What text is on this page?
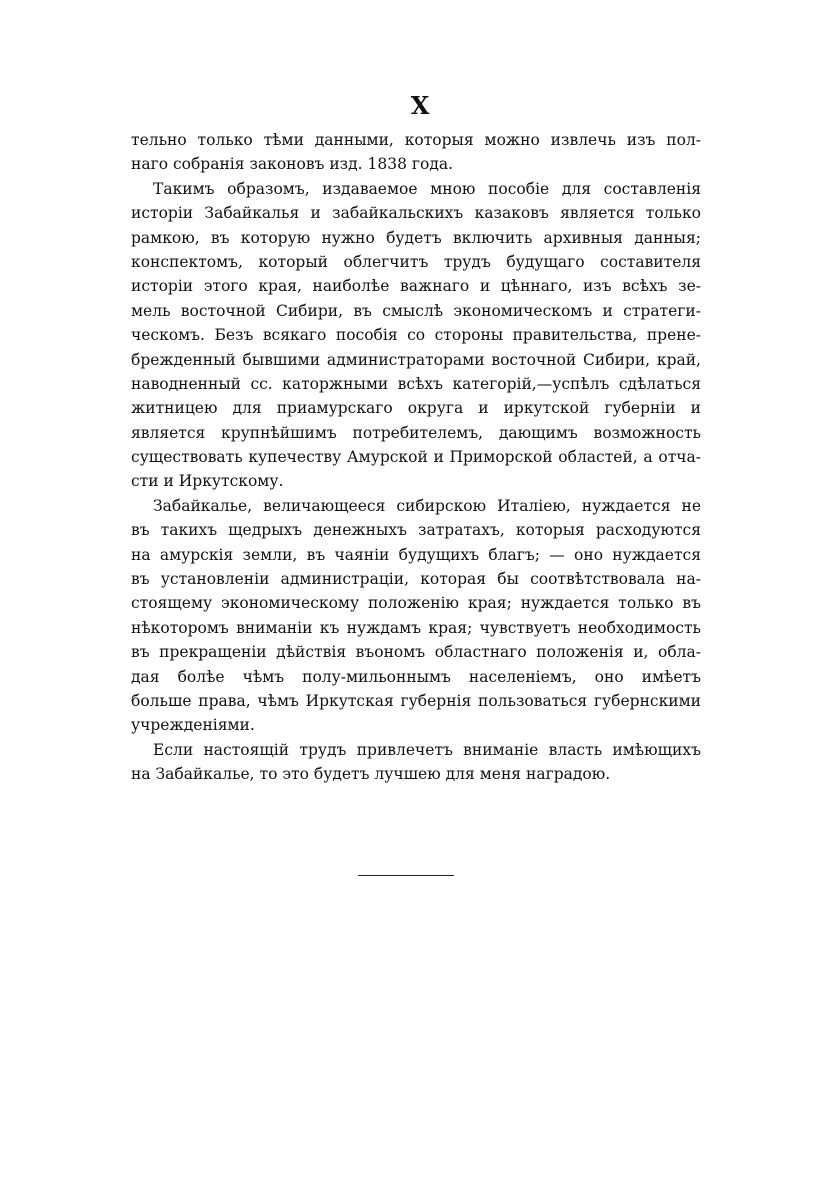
X
тельно только тѣми данными, которыя можно извлечь изъ пол-
наго собранія законовъ изд. 1838 года.
Такимъ образомъ, издаваемое мною пособіе для составленія
исторіи Забайкалья и забайкальскихъ казаковъ является только
рамкою, въ которую нужно будетъ включить архивныя данныя;
конспектомъ, который облегчитъ трудъ будущаго составителя
исторіи этого края, наиболѣе важнаго и цѣннаго, изъ всѣхъ зе-
мель восточной Сибири, въ смыслѣ экономическомъ и стратеги-
ческомъ. Безъ всякаго пособія со стороны правительства, прене-
брежденный бывшими администраторами восточной Сибири, край,
наводненный сс. каторжными всѣхъ категорій,—успѣлъ сдѣлаться
житницею для приамурскаго округа и иркутской губерніи и
является крупнѣйшимъ потребителемъ, дающимъ возможность
существовать купечеству Амурской и Приморской областей, а отча-
сти и Иркутскому.
Забайкалье, величающееся сибирскою Италіею, нуждается не
въ такихъ щедрыхъ денежныхъ затратахъ, которыя расходуются
на амурскія земли, въ чаяніи будущихъ благъ; — оно нуждается
въ установленіи администраціи, которая бы соотвѣтствовала на-
стоящему экономическому положенію края; нуждается только въ
нѣкоторомъ вниманіи къ нуждамъ края; чувствуетъ необходимость
въ прекращеніи дѣйствія въономъ областнаго положенія и, обла-
дая болѣе чѣмъ полу-мильоннымъ населеніемъ, оно имѣетъ
больше права, чѣмъ Иркутская губернія пользоваться губернскими
учрежденіями.
Если настоящій трудъ привлечетъ вниманіе власть имѣющихъ
на Забайкалье, то это будетъ лучшею для меня наградою.
